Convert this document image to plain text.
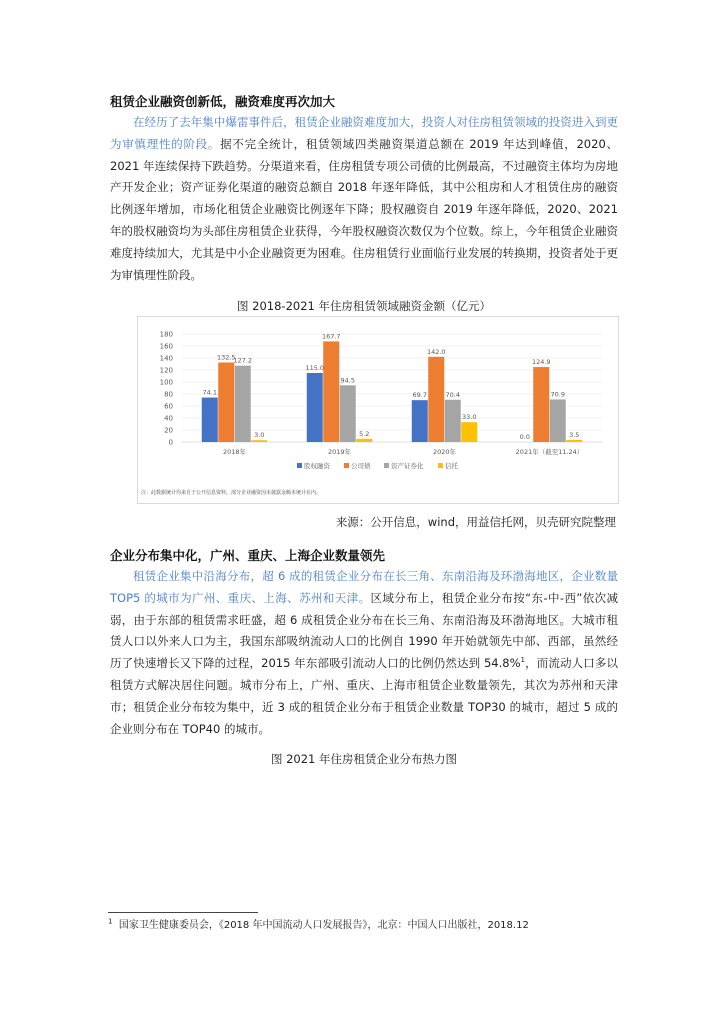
租赁企业融资创新低，融资难度再次加大

在经历了去年集中爆雷事件后，租赁企业融资难度加大，投资人对住房租赁领域的投资进入到更为审慎理性的阶段。据不完全统计，租赁领域四类融资渠道总额在 2019 年达到峰值，2020、2021 年连续保持下跌趋势。分渠道来看，住房租赁专项公司债的比例最高，不过融资主体均为房地产开发企业；资产证券化渠道的融资总额自 2018 年逐年降低，其中公租房和人才租赁住房的融资比例逐年增加，市场化租赁企业融资比例逐年下降；股权融资自 2019 年逐年降低，2020、2021 年的股权融资均为头部住房租赁企业获得，今年股权融资次数仅为个位数。综上，今年租赁企业融资难度持续加大，尤其是中小企业融资更为困难。住房租赁行业面临行业发展的转换期，投资者处于更为审慎理性阶段。

图 2018-2021 年住房租赁领域融资金额（亿元）
0
20
40
60
80
100
120
140
160
180
74.1
132.5
127.2
3.0
115.0
167.7
94.5
5.2
69.7
142.0
70.4
33.0
0.0
124.9
70.9
3.5
2018年	2019年	2020年	2021年（截至11.24）
股权融资	公司债	资产证券化	信托
注：此数据统计均来自于公开信息资料，部分企业融资因未披露金额未统计在内。
来源：公开信息，wind，用益信托网，贝壳研究院整理
企业分布集中化，广州、重庆、上海企业数量领先

租赁企业集中沿海分布，超 6 成的租赁企业分布在长三角、东南沿海及环渤海地区，企业数量 TOP5 的城市为广州、重庆、上海、苏州和天津。区域分布上，租赁企业分布按“东-中-西”依次减弱，由于东部的租赁需求旺盛，超 6 成租赁企业分布在长三角、东南沿海及环渤海地区。大城市租赁人口以外来人口为主，我国东部吸纳流动人口的比例自 1990 年开始就领先中部、西部，虽然经历了快速增长又下降的过程，2015 年东部吸引流动人口的比例仍然达到 54.8%$^1$，而流动人口多以租赁方式解决居住问题。城市分布上，广州、重庆、上海市租赁企业数量领先，其次为苏州和天津市；租赁企业分布较为集中，近 3 成的租赁企业分布于租赁企业数量 TOP30 的城市，超过 5 成的企业则分布在 TOP40 的城市。

图 2021 年住房租赁企业分布热力图
$^1$ 国家卫生健康委员会，《2018 年中国流动人口发展报告》，北京：中国人口出版社，2018.12
